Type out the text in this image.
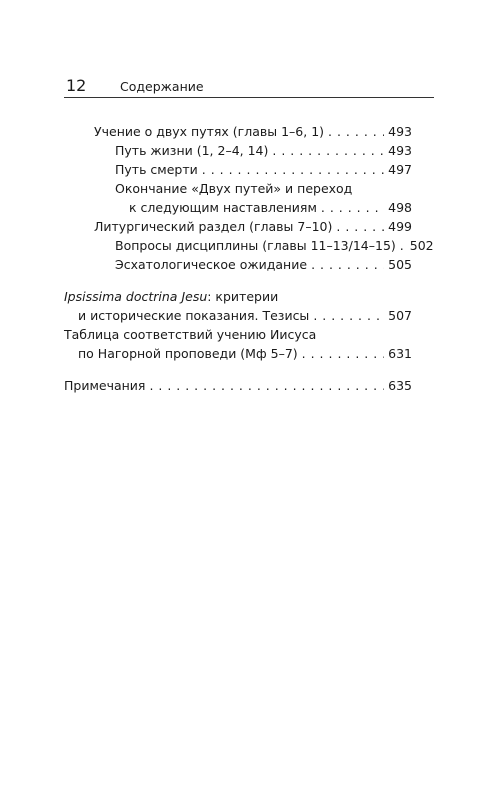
12	Содержание
Учение о двух путях (главы 1–6, 1) . . .	493
Путь жизни (1, 2–4, 14) . . .	493
Путь смерти . . .	497
Окончание «Двух путей» и переход
к следующим наставлениям . . .	498
Литургический раздел (главы 7–10) . . .	499
Вопросы дисциплины (главы 11–13/14–15) . . . 502
Эсхатологическое ожидание . . .	505
Ipsissima doctrina Jesu: критерии
и исторические показания. Тезисы . . .	507
Таблица соответствий учению Иисуса
по Нагорной проповеди (Мф 5–7) . . .	631
Примечания . . .	635
